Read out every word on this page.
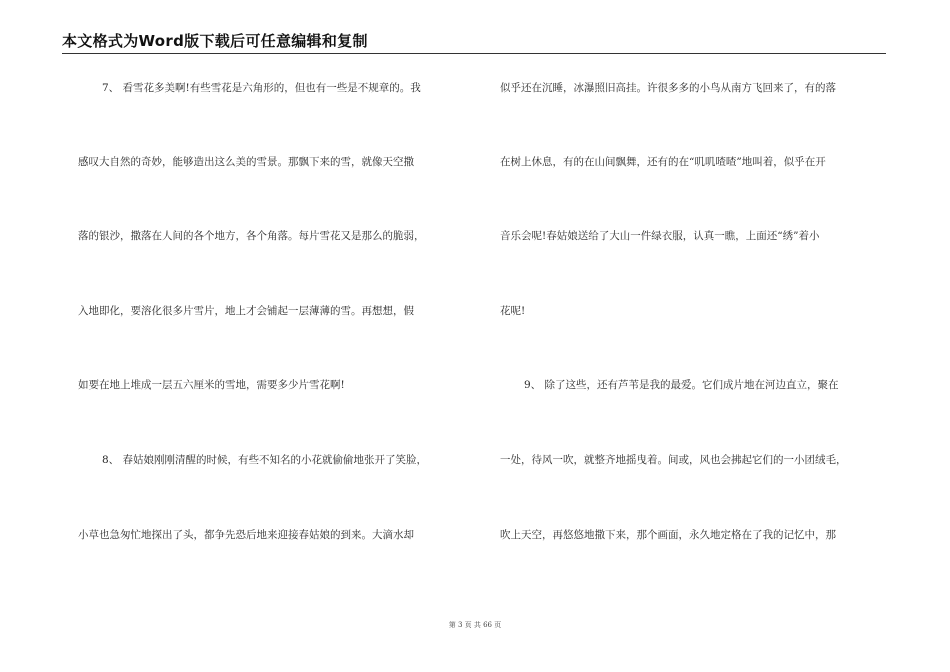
本文格式为Word版下载后可任意编辑和复制
7、 看雪花多美啊!有些雪花是六角形的，但也有一些是不规章的。我
感叹大自然的奇妙，能够造出这么美的雪景。那飘下来的雪，就像天空撒
落的银沙，撒落在人间的各个地方，各个角落。每片雪花又是那么的脆弱，
入地即化，要溶化很多片雪片，地上才会铺起一层薄薄的雪。再想想，假
如要在地上堆成一层五六厘米的雪地，需要多少片雪花啊!
8、 春姑娘刚刚清醒的时候，有些不知名的小花就偷偷地张开了笑脸，
小草也急匆忙地探出了头，都争先恐后地来迎接春姑娘的到来。大滴水却
似乎还在沉睡，冰瀑照旧高挂。许很多多的小鸟从南方飞回来了，有的落
在树上休息，有的在山间飘舞，还有的在“叽叽喳喳”地叫着，似乎在开
音乐会呢!春姑娘送给了大山一件绿衣服，认真一瞧，上面还“绣”着小
花呢!
9、 除了这些，还有芦苇是我的最爱。它们成片地在河边直立，聚在
一处，待风一吹，就整齐地摇曳着。间或，风也会拂起它们的一小团绒毛，
吹上天空，再悠悠地撒下来，那个画面，永久地定格在了我的记忆中，那
第 3 页 共 66 页
